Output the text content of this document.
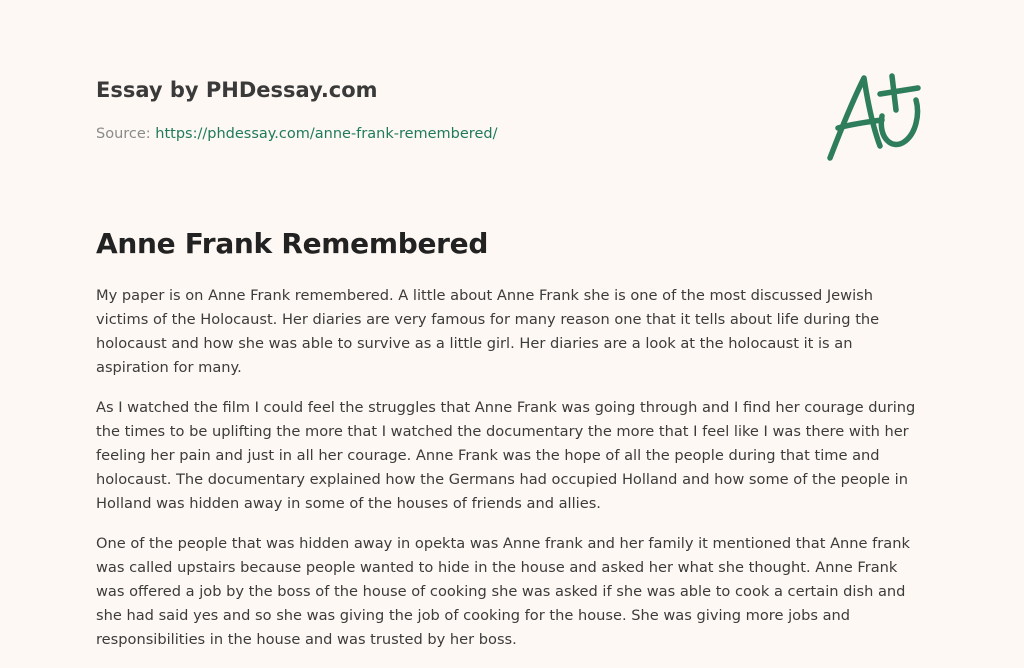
Essay by PHDessay.com
Source: https://phdessay.com/anne-frank-remembered/
Anne Frank Remembered

My paper is on Anne Frank remembered. A little about Anne Frank she is one of the most discussed Jewish victims of the Holocaust. Her diaries are very famous for many reason one that it tells about life during the holocaust and how she was able to survive as a little girl. Her diaries are a look at the holocaust it is an aspiration for many.

As I watched the film I could feel the struggles that Anne Frank was going through and I find her courage during the times to be uplifting the more that I watched the documentary the more that I feel like I was there with her feeling her pain and just in all her courage. Anne Frank was the hope of all the people during that time and holocaust. The documentary explained how the Germans had occupied Holland and how some of the people in Holland was hidden away in some of the houses of friends and allies.

One of the people that was hidden away in opekta was Anne frank and her family it mentioned that Anne frank was called upstairs because people wanted to hide in the house and asked her what she thought. Anne Frank was offered a job by the boss of the house of cooking she was asked if she was able to cook a certain dish and she had said yes and so she was giving the job of cooking for the house. She was giving more jobs and responsibilities in the house and was trusted by her boss.
